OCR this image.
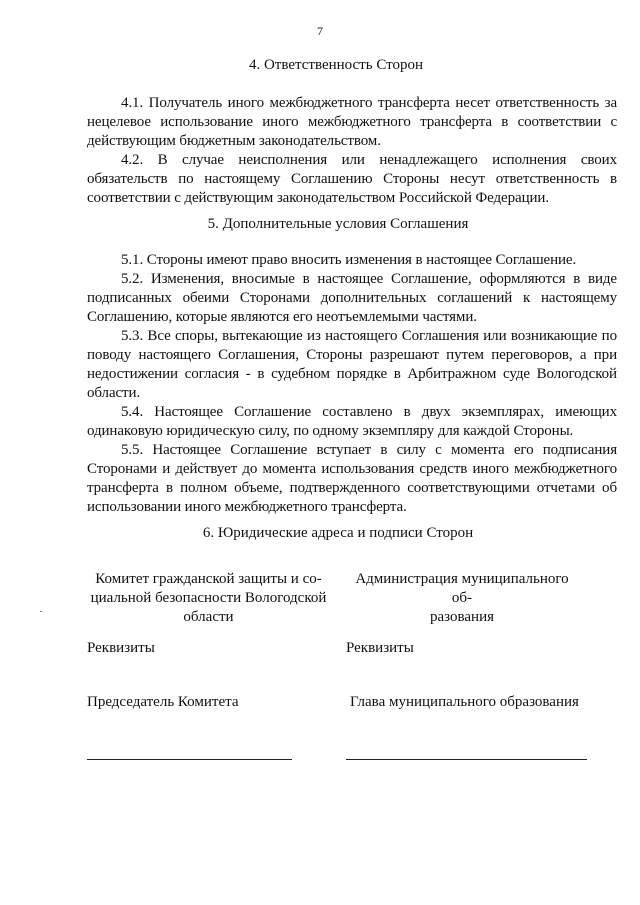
7
4. Ответственность Сторон

4.1. Получатель иного межбюджетного трансферта несет ответственность за нецелевое использование иного межбюджетного трансферта в соответствии с действующим бюджетным законодательством.

4.2. В случае неисполнения или ненадлежащего исполнения своих обязательств по настоящему Соглашению Стороны несут ответственность в соответствии с действующим законодательством Российской Федерации.

5. Дополнительные условия Соглашения

5.1. Стороны имеют право вносить изменения в настоящее Соглашение.

5.2. Изменения, вносимые в настоящее Соглашение, оформляются в виде подписанных обеими Сторонами дополнительных соглашений к настоящему Соглашению, которые являются его неотъемлемыми частями.

5.3. Все споры, вытекающие из настоящего Соглашения или возникающие по поводу настоящего Соглашения, Стороны разрешают путем переговоров, а при недостижении согласия - в судебном порядке в Арбитражном суде Вологодской области.

5.4. Настоящее Соглашение составлено в двух экземплярах, имеющих одинаковую юридическую силу, по одному экземпляру для каждой Стороны.

5.5. Настоящее Соглашение вступает в силу с момента его подписания Сторонами и действует до момента использования средств иного межбюджетного трансферта в полном объеме, подтвержденного соответствующими отчетами об использовании иного межбюджетного трансферта.

6. Юридические адреса и подписи Сторон
Комитет гражданской защиты и со-
циальной безопасности Вологодской
области
Реквизиты
Председатель Комитета
Администрация муниципального об-
разования
Реквизиты
Глава муниципального образования
